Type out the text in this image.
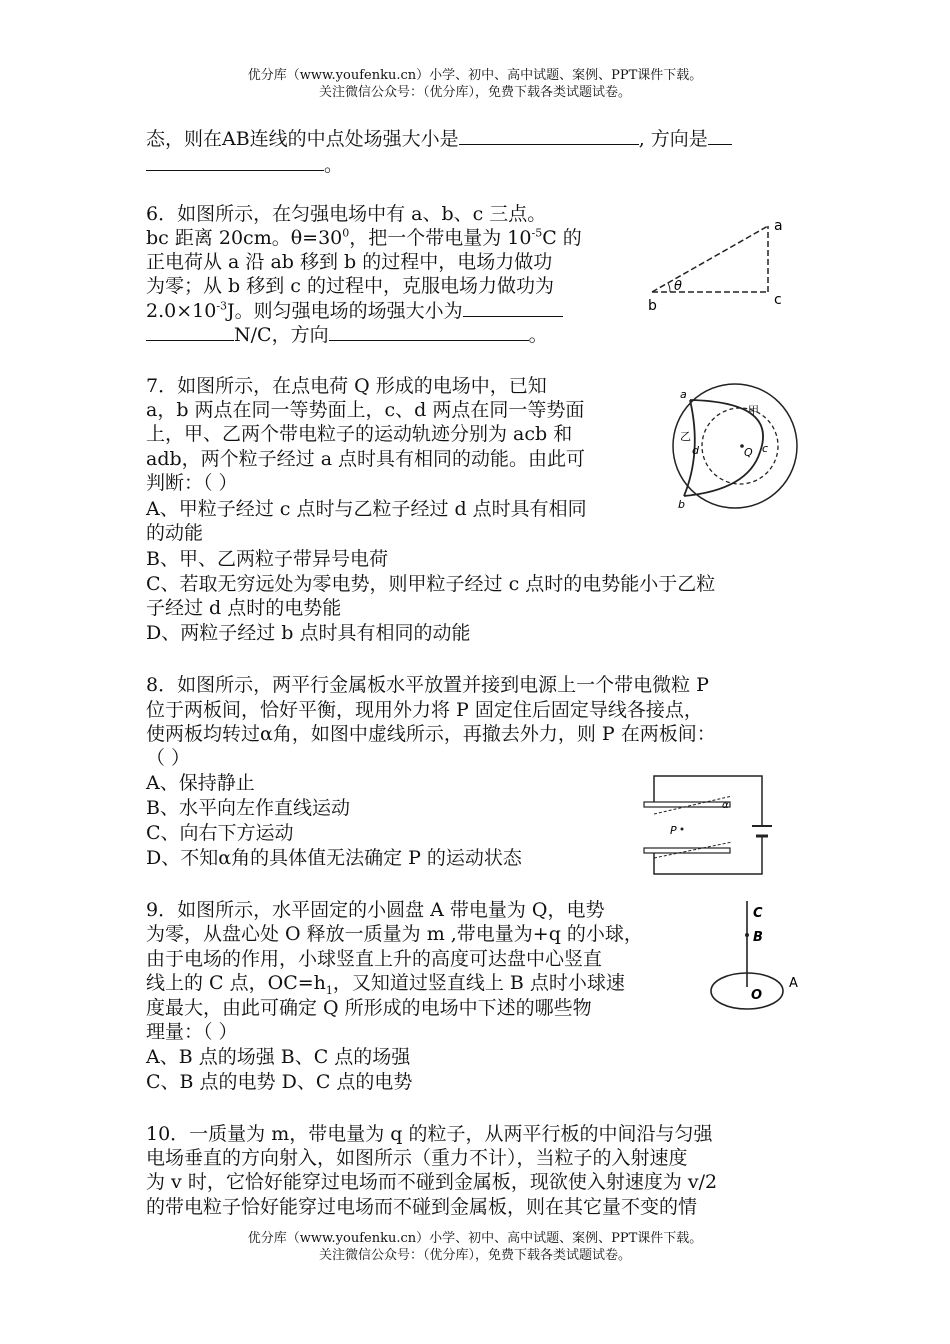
优分库（www.youfenku.cn）小学、初中、高中试题、案例、PPT课件下载。
关注微信公众号：（优分库），免费下载各类试题试卷。
态，则在AB连线的中点处场强大小是	, 方向是
。
6．如图所示，在匀强电场中有 a、b、c 三点。
bc 距离 20cm。$\theta=30^0$，把一个带电量为 $10^{-5}C$ 的
正电荷从 a 沿 ab 移到 b 的过程中，电场力做功
为零；从 b 移到 c 的过程中，克服电场力做功为
$2.0\times 10^{-3}J$。则匀强电场的场强大小为
N/C，方向	。
a
b	c
θ
7．如图所示，在点电荷 Q 形成的电场中，已知
a，b 两点在同一等势面上，c、d 两点在同一等势面
上，甲、乙两个带电粒子的运动轨迹分别为 acb 和
adb，两个粒子经过 a 点时具有相同的动能。由此可
判断：（ ）
A、甲粒子经过 c 点时与乙粒子经过 d 点时具有相同
的动能
B、甲、乙两粒子带异号电荷
C、若取无穷远处为零电势，则甲粒子经过 c 点时的电势能小于乙粒
子经过 d 点时的电势能
D、两粒子经过 b 点时具有相同的动能
a
b
c
d	Q
甲
乙
8．如图所示，两平行金属板水平放置并接到电源上一个带电微粒 P
位于两板间，恰好平衡，现用外力将 P 固定住后固定导线各接点，
使两板均转过α角，如图中虚线所示，再撤去外力，则 P 在两板间：
（ ）
A、保持静止
B、水平向左作直线运动
C、向右下方运动
D、不知α角的具体值无法确定 P 的运动状态
α
P
9．如图所示，水平固定的小圆盘 A 带电量为 Q，电势
为零，从盘心处 O 释放一质量为 m ,带电量为+q 的小球，
由于电场的作用，小球竖直上升的高度可达盘中心竖直
线上的 C 点，$OC=h_1$，又知道过竖直线上 B 点时小球速
度最大，由此可确定 Q 所形成的电场中下述的哪些物
理量：（ ）
A、B 点的场强 B、C 点的场强
C、B 点的电势 D、C 点的电势
C
B
O
A
10．一质量为 m，带电量为 q 的粒子，从两平行板的中间沿与匀强
电场垂直的方向射入，如图所示（重力不计），当粒子的入射速度
为 v 时，它恰好能穿过电场而不碰到金属板，现欲使入射速度为 v/2
的带电粒子恰好能穿过电场而不碰到金属板，则在其它量不变的情
优分库（www.youfenku.cn）小学、初中、高中试题、案例、PPT课件下载。
关注微信公众号：（优分库），免费下载各类试题试卷。
